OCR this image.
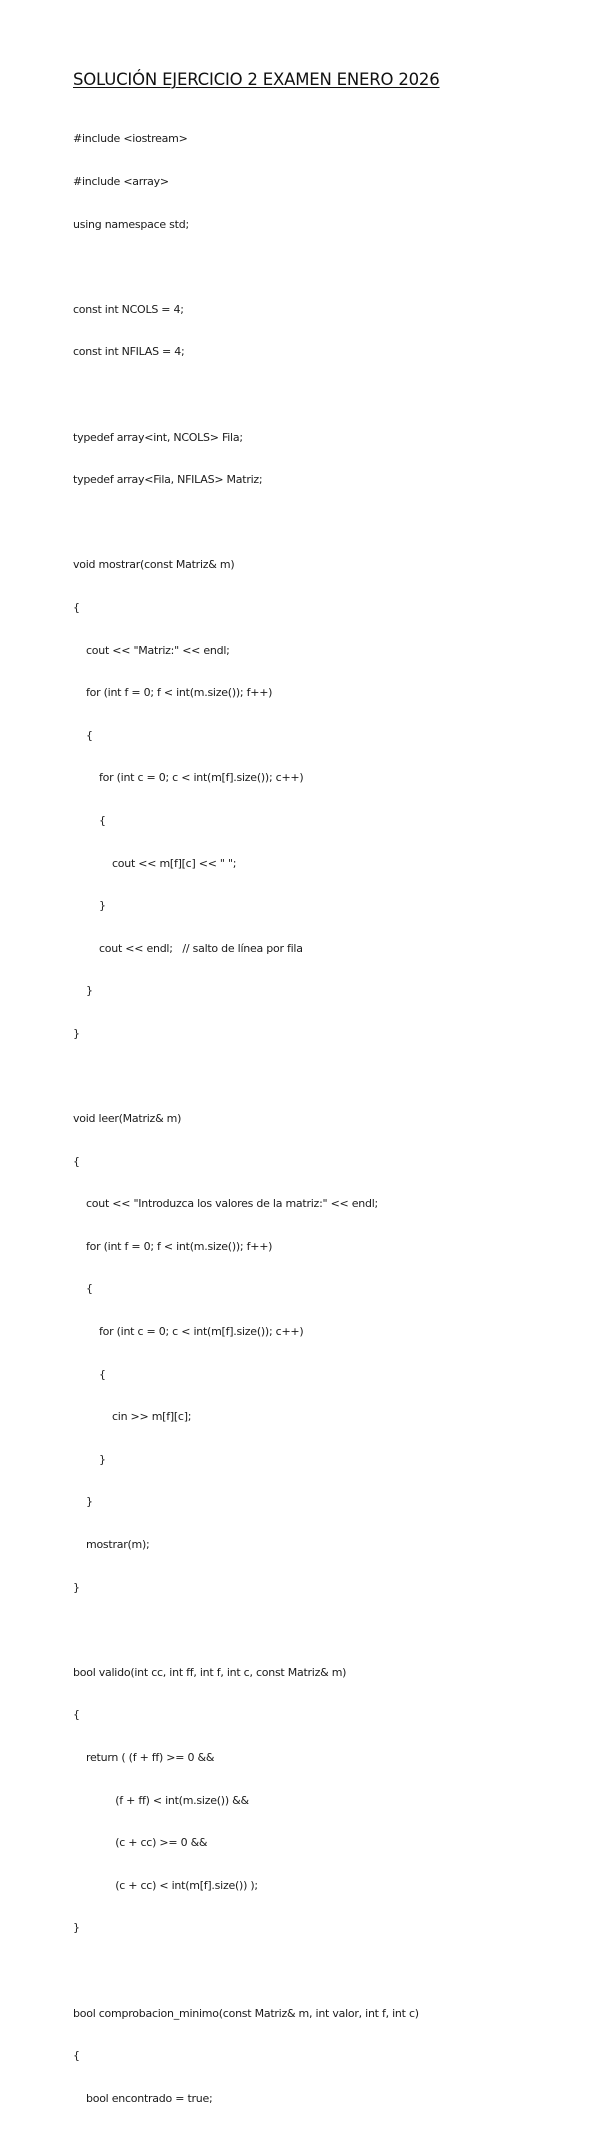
SOLUCIÓN EJERCICIO 2 EXAMEN ENERO 2026

#include <iostream>

#include <array>

using namespace std;

const int NCOLS = 4;

const int NFILAS = 4;

typedef array<int, NCOLS> Fila;

typedef array<Fila, NFILAS> Matriz;

void mostrar(const Matriz& m)

{

cout << "Matriz:" << endl;

for (int f = 0; f < int(m.size()); f++)

{

for (int c = 0; c < int(m[f].size()); c++)

{

cout << m[f][c] << " ";

}

cout << endl;   // salto de línea por fila

}

}

void leer(Matriz& m)

{

cout << "Introduzca los valores de la matriz:" << endl;

for (int f = 0; f < int(m.size()); f++)

{

for (int c = 0; c < int(m[f].size()); c++)

{

cin >> m[f][c];

}

}

mostrar(m);

}

bool valido(int cc, int ff, int f, int c, const Matriz& m)

{

return ( (f + ff) >= 0 &&

(f + ff) < int(m.size()) &&

(c + cc) >= 0 &&

(c + cc) < int(m[f].size()) );

}

bool comprobacion_minimo(const Matriz& m, int valor, int f, int c)

{

bool encontrado = true;
